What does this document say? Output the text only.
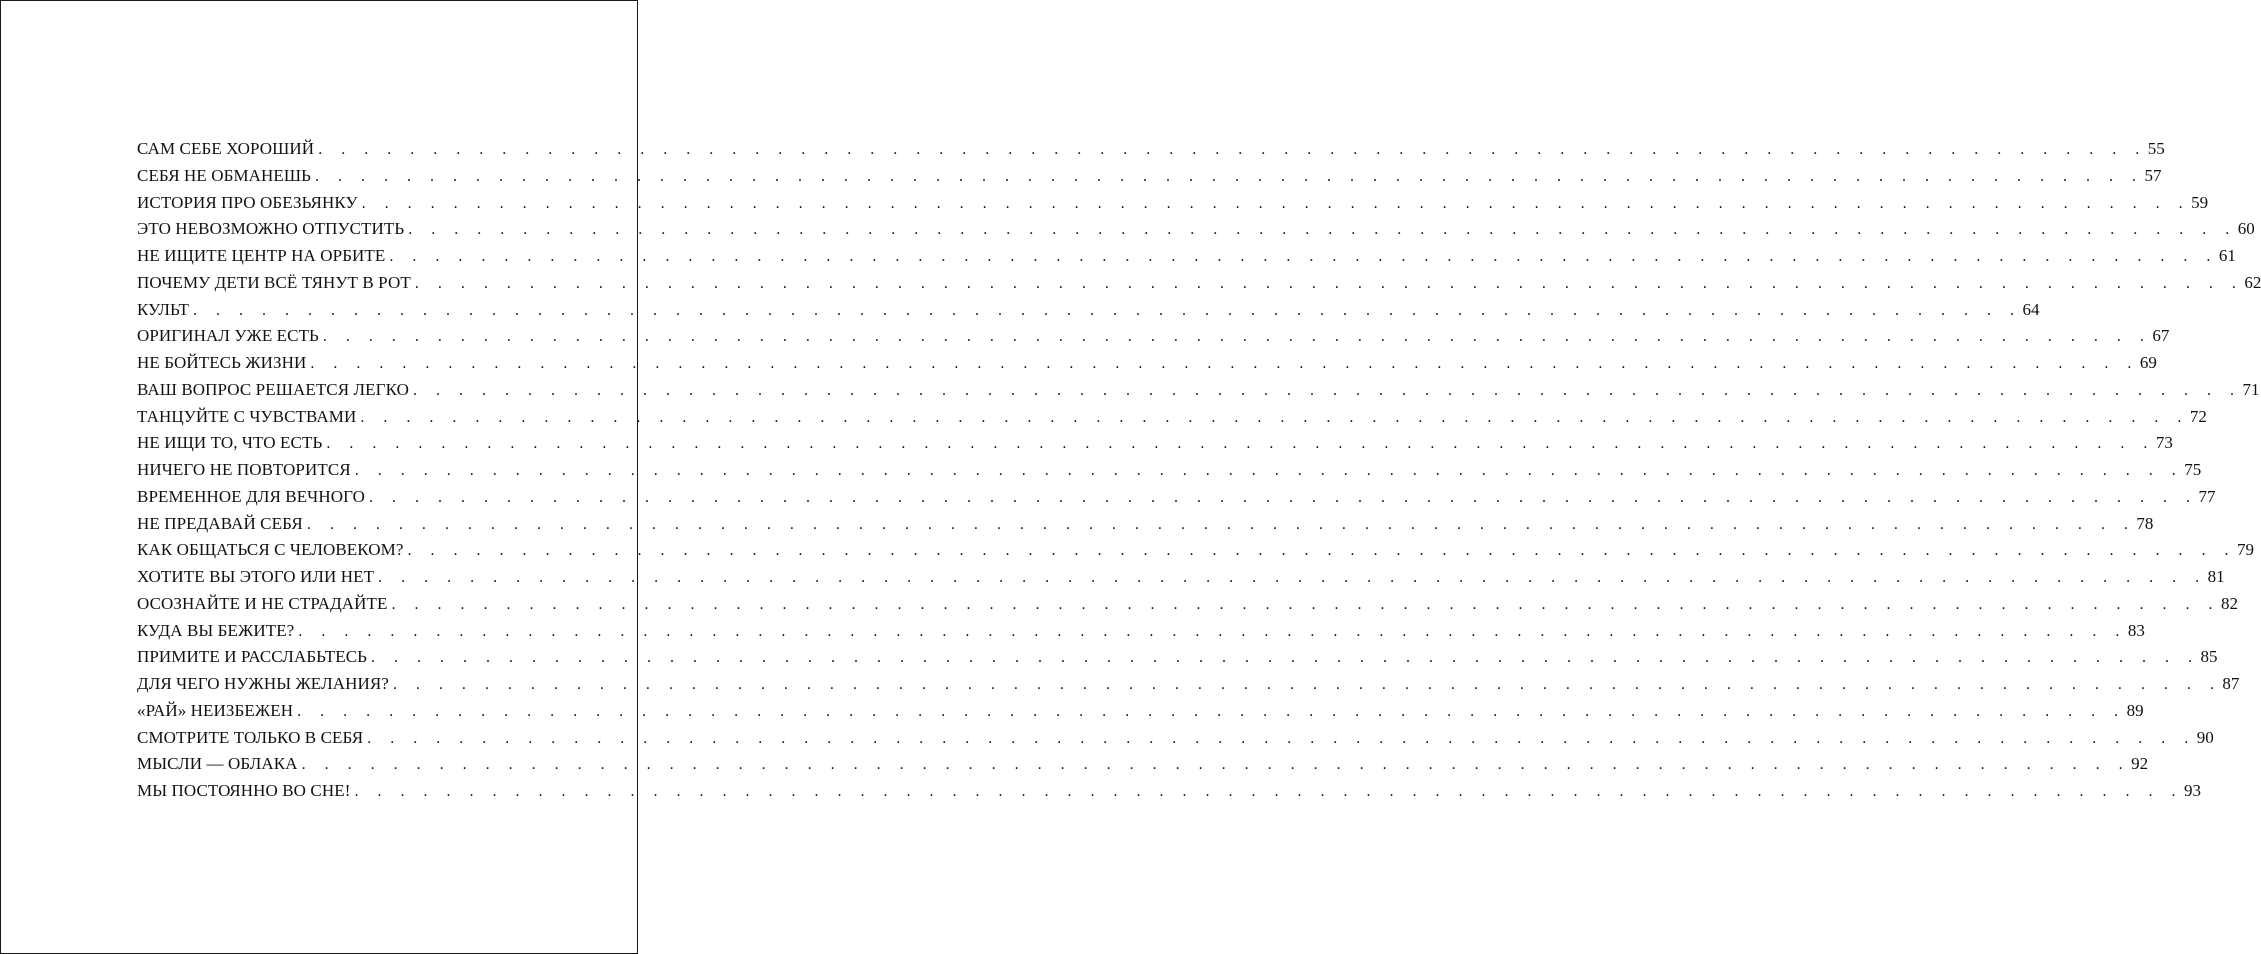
САМ СЕБЕ ХОРОШИЙ . . . . . . . . . . . . . . . . . . . . . . . . . . . . . . . . . . . . . . . . . . . . . . . . . . . . . . . . . . . . . . . . . . . . . . . . . . . . . . . . 55
СЕБЯ НЕ ОБМАНЕШЬ . . . . . . . . . . . . . . . . . . . . . . . . . . . . . . . . . . . . . . . . . . . . . . . . . . . . . . . . . . . . . . . . . . . . . . . . . . . . . . . . 57
ИСТОРИЯ ПРО ОБЕЗЬЯНКУ . . . . . . . . . . . . . . . . . . . . . . . . . . . . . . . . . . . . . . . . . . . . . . . . . . . . . . . . . . . . . . . . . . . . . . . . . . . . . . . . 59
ЭТО НЕВОЗМОЖНО ОТПУСТИТЬ . . . . . . . . . . . . . . . . . . . . . . . . . . . . . . . . . . . . . . . . . . . . . . . . . . . . . . . . . . . . . . . . . . . . . . . . . . . . . . . . 60
НЕ ИЩИТЕ ЦЕНТР НА ОРБИТЕ . . . . . . . . . . . . . . . . . . . . . . . . . . . . . . . . . . . . . . . . . . . . . . . . . . . . . . . . . . . . . . . . . . . . . . . . . . . . . . . . 61
ПОЧЕМУ ДЕТИ ВСЁ ТЯНУТ В РОТ . . . . . . . . . . . . . . . . . . . . . . . . . . . . . . . . . . . . . . . . . . . . . . . . . . . . . . . . . . . . . . . . . . . . . . . . . . . . . . . . 62
КУЛЬТ . . . . . . . . . . . . . . . . . . . . . . . . . . . . . . . . . . . . . . . . . . . . . . . . . . . . . . . . . . . . . . . . . . . . . . . . . . . . . . . . 64
ОРИГИНАЛ УЖЕ ЕСТЬ . . . . . . . . . . . . . . . . . . . . . . . . . . . . . . . . . . . . . . . . . . . . . . . . . . . . . . . . . . . . . . . . . . . . . . . . . . . . . . . . 67
НЕ БОЙТЕСЬ ЖИЗНИ . . . . . . . . . . . . . . . . . . . . . . . . . . . . . . . . . . . . . . . . . . . . . . . . . . . . . . . . . . . . . . . . . . . . . . . . . . . . . . . . 69
ВАШ ВОПРОС РЕШАЕТСЯ ЛЕГКО . . . . . . . . . . . . . . . . . . . . . . . . . . . . . . . . . . . . . . . . . . . . . . . . . . . . . . . . . . . . . . . . . . . . . . . . . . . . . . . . 71
ТАНЦУЙТЕ С ЧУВСТВАМИ . . . . . . . . . . . . . . . . . . . . . . . . . . . . . . . . . . . . . . . . . . . . . . . . . . . . . . . . . . . . . . . . . . . . . . . . . . . . . . . . 72
НЕ ИЩИ ТО, ЧТО ЕСТЬ . . . . . . . . . . . . . . . . . . . . . . . . . . . . . . . . . . . . . . . . . . . . . . . . . . . . . . . . . . . . . . . . . . . . . . . . . . . . . . . . 73
НИЧЕГО НЕ ПОВТОРИТСЯ . . . . . . . . . . . . . . . . . . . . . . . . . . . . . . . . . . . . . . . . . . . . . . . . . . . . . . . . . . . . . . . . . . . . . . . . . . . . . . . . 75
ВРЕМЕННОЕ ДЛЯ ВЕЧНОГО . . . . . . . . . . . . . . . . . . . . . . . . . . . . . . . . . . . . . . . . . . . . . . . . . . . . . . . . . . . . . . . . . . . . . . . . . . . . . . . . 77
НЕ ПРЕДАВАЙ СЕБЯ . . . . . . . . . . . . . . . . . . . . . . . . . . . . . . . . . . . . . . . . . . . . . . . . . . . . . . . . . . . . . . . . . . . . . . . . . . . . . . . . 78
КАК ОБЩАТЬСЯ С ЧЕЛОВЕКОМ? . . . . . . . . . . . . . . . . . . . . . . . . . . . . . . . . . . . . . . . . . . . . . . . . . . . . . . . . . . . . . . . . . . . . . . . . . . . . . . . . 79
ХОТИТЕ ВЫ ЭТОГО ИЛИ НЕТ . . . . . . . . . . . . . . . . . . . . . . . . . . . . . . . . . . . . . . . . . . . . . . . . . . . . . . . . . . . . . . . . . . . . . . . . . . . . . . . . 81
ОСОЗНАЙТЕ И НЕ СТРАДАЙТЕ . . . . . . . . . . . . . . . . . . . . . . . . . . . . . . . . . . . . . . . . . . . . . . . . . . . . . . . . . . . . . . . . . . . . . . . . . . . . . . . . 82
КУДА ВЫ БЕЖИТЕ? . . . . . . . . . . . . . . . . . . . . . . . . . . . . . . . . . . . . . . . . . . . . . . . . . . . . . . . . . . . . . . . . . . . . . . . . . . . . . . . . 83
ПРИМИТЕ И РАССЛАБЬТЕСЬ . . . . . . . . . . . . . . . . . . . . . . . . . . . . . . . . . . . . . . . . . . . . . . . . . . . . . . . . . . . . . . . . . . . . . . . . . . . . . . . . 85
ДЛЯ ЧЕГО НУЖНЫ ЖЕЛАНИЯ? . . . . . . . . . . . . . . . . . . . . . . . . . . . . . . . . . . . . . . . . . . . . . . . . . . . . . . . . . . . . . . . . . . . . . . . . . . . . . . . . 87
«РАЙ» НЕИЗБЕЖЕН . . . . . . . . . . . . . . . . . . . . . . . . . . . . . . . . . . . . . . . . . . . . . . . . . . . . . . . . . . . . . . . . . . . . . . . . . . . . . . . . 89
СМОТРИТЕ ТОЛЬКО В СЕБЯ . . . . . . . . . . . . . . . . . . . . . . . . . . . . . . . . . . . . . . . . . . . . . . . . . . . . . . . . . . . . . . . . . . . . . . . . . . . . . . . . 90
МЫСЛИ — ОБЛАКА . . . . . . . . . . . . . . . . . . . . . . . . . . . . . . . . . . . . . . . . . . . . . . . . . . . . . . . . . . . . . . . . . . . . . . . . . . . . . . . . 92
МЫ ПОСТОЯННО ВО СНЕ! . . . . . . . . . . . . . . . . . . . . . . . . . . . . . . . . . . . . . . . . . . . . . . . . . . . . . . . . . . . . . . . . . . . . . . . . . . . . . . . . 93
